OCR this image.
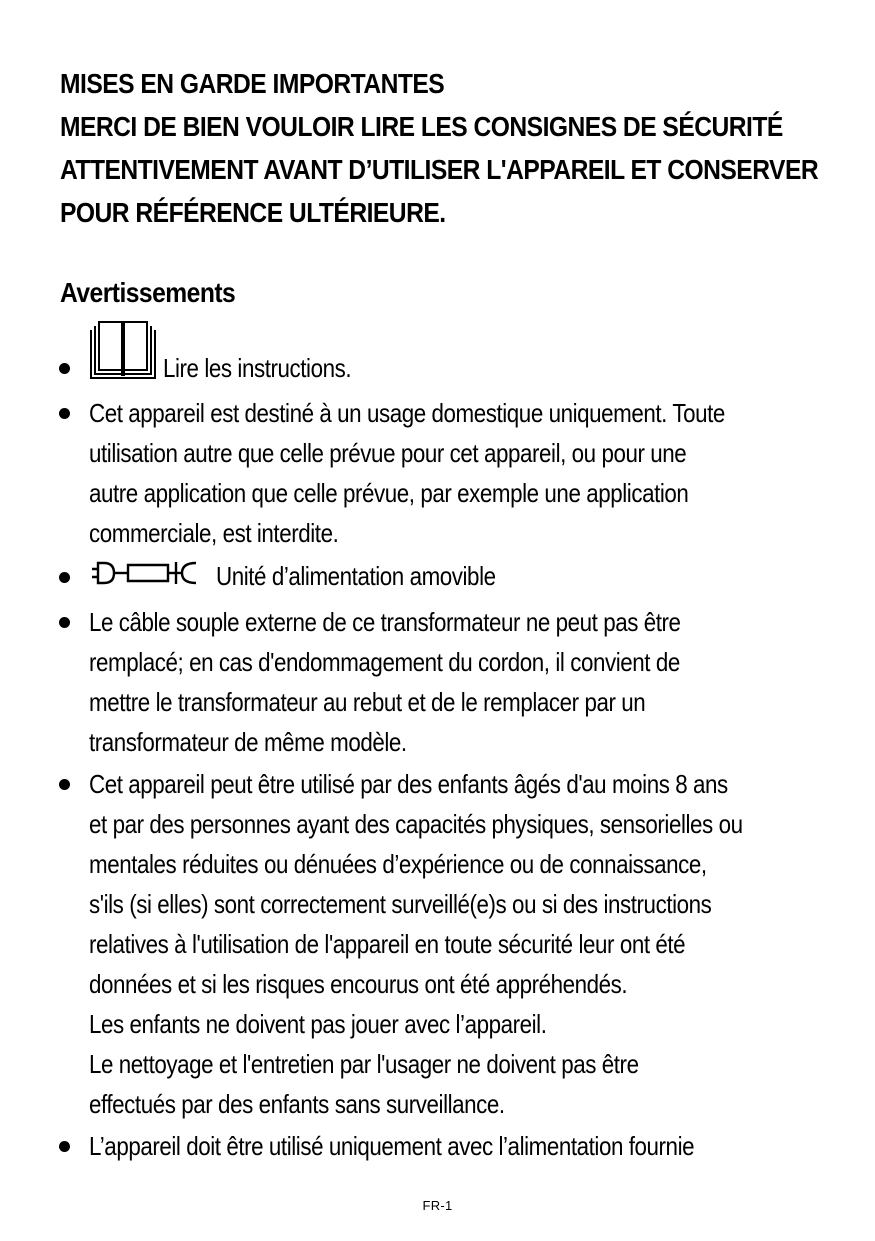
MISES EN GARDE IMPORTANTES
MERCI DE BIEN VOULOIR LIRE LES CONSIGNES DE SÉCURITÉ
ATTENTIVEMENT AVANT D’UTILISER L'APPAREIL ET CONSERVER
POUR RÉFÉRENCE ULTÉRIEURE.
Avertissements
Lire les instructions.
Cet appareil est destiné à un usage domestique uniquement. Toute
utilisation autre que celle prévue pour cet appareil, ou pour une
autre application que celle prévue, par exemple une application
commerciale, est interdite.
Unité d’alimentation amovible
Le câble souple externe de ce transformateur ne peut pas être
remplacé; en cas d'endommagement du cordon, il convient de
mettre le transformateur au rebut et de le remplacer par un
transformateur de même modèle.
Cet appareil peut être utilisé par des enfants âgés d'au moins 8 ans
et par des personnes ayant des capacités physiques, sensorielles ou
mentales réduites ou dénuées d’expérience ou de connaissance,
s'ils (si elles) sont correctement surveillé(e)s ou si des instructions
relatives à l'utilisation de l'appareil en toute sécurité leur ont été
données et si les risques encourus ont été appréhendés.
Les enfants ne doivent pas jouer avec l’appareil.
Le nettoyage et l'entretien par l'usager ne doivent pas être
effectués par des enfants sans surveillance.
L’appareil doit être utilisé uniquement avec l’alimentation fournie
FR-1
